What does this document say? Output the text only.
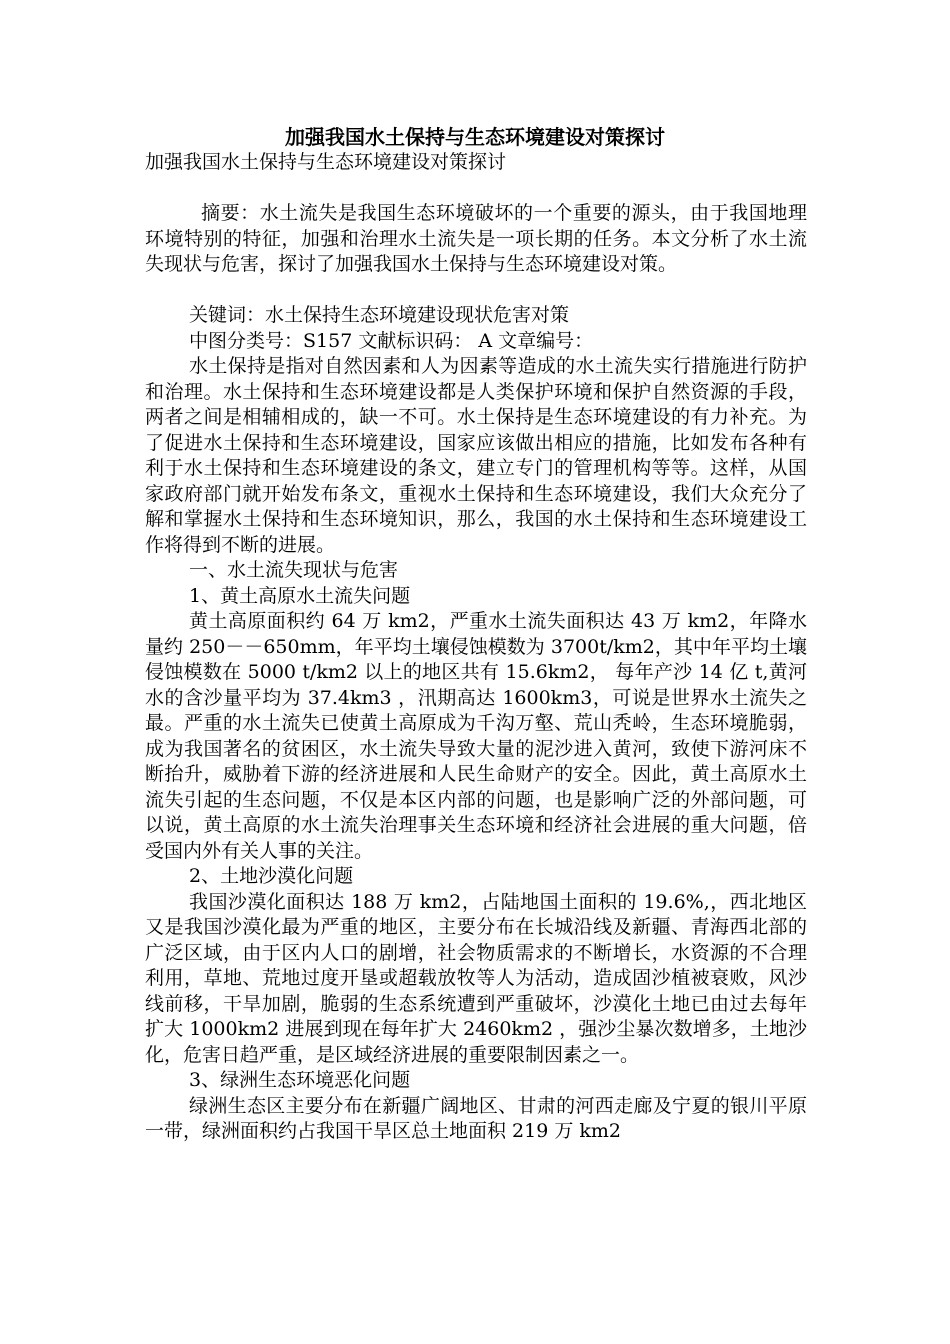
加强我国水土保持与生态环境建设对策探讨

加强我国水土保持与生态环境建设对策探讨

摘要：水土流失是我国生态环境破坏的一个重要的源头，由于我国地理环境特别的特征，加强和治理水土流失是一项长期的任务。本文分析了水土流失现状与危害，探讨了加强我国水土保持与生态环境建设对策。

关键词：水土保持生态环境建设现状危害对策

中图分类号：S157 文献标识码： A 文章编号：

水土保持是指对自然因素和人为因素等造成的水土流失实行措施进行防护和治理。水土保持和生态环境建设都是人类保护环境和保护自然资源的手段，两者之间是相辅相成的，缺一不可。水土保持是生态环境建设的有力补充。为了促进水土保持和生态环境建设，国家应该做出相应的措施，比如发布各种有利于水土保持和生态环境建设的条文，建立专门的管理机构等等。这样，从国家政府部门就开始发布条文，重视水土保持和生态环境建设，我们大众充分了解和掌握水土保持和生态环境知识，那么，我国的水土保持和生态环境建设工作将得到不断的进展。

一、水土流失现状与危害

1、黄土高原水土流失问题

黄土高原面积约 64 万 km2，严重水土流失面积达 43 万 km2，年降水量约 250－－650mm，年平均土壤侵蚀模数为 3700t/km2，其中年平均土壤侵蚀模数在 5000 t/km2 以上的地区共有 15.6km2， 每年产沙 14 亿 t,黄河水的含沙量平均为 37.4km3 ，汛期高达 1600km3，可说是世界水土流失之最。严重的水土流失已使黄土高原成为千沟万壑、荒山秃岭，生态环境脆弱，成为我国著名的贫困区，水土流失导致大量的泥沙进入黄河，致使下游河床不断抬升，威胁着下游的经济进展和人民生命财产的安全。因此，黄土高原水土流失引起的生态问题，不仅是本区内部的问题，也是影响广泛的外部问题，可以说，黄土高原的水土流失治理事关生态环境和经济社会进展的重大问题，倍受国内外有关人事的关注。

2、土地沙漠化问题

我国沙漠化面积达 188 万 km2，占陆地国土面积的 19.6%,，西北地区又是我国沙漠化最为严重的地区，主要分布在长城沿线及新疆、青海西北部的广泛区域，由于区内人口的剧增，社会物质需求的不断增长，水资源的不合理利用，草地、荒地过度开垦或超载放牧等人为活动，造成固沙植被衰败，风沙线前移，干旱加剧，脆弱的生态系统遭到严重破坏，沙漠化土地已由过去每年扩大 1000km2 进展到现在每年扩大 2460km2 ，强沙尘暴次数增多，土地沙化，危害日趋严重，是区域经济进展的重要限制因素之一。

3、绿洲生态环境恶化问题

绿洲生态区主要分布在新疆广阔地区、甘肃的河西走廊及宁夏的银川平原一带，绿洲面积约占我国干旱区总土地面积 219 万 km2
